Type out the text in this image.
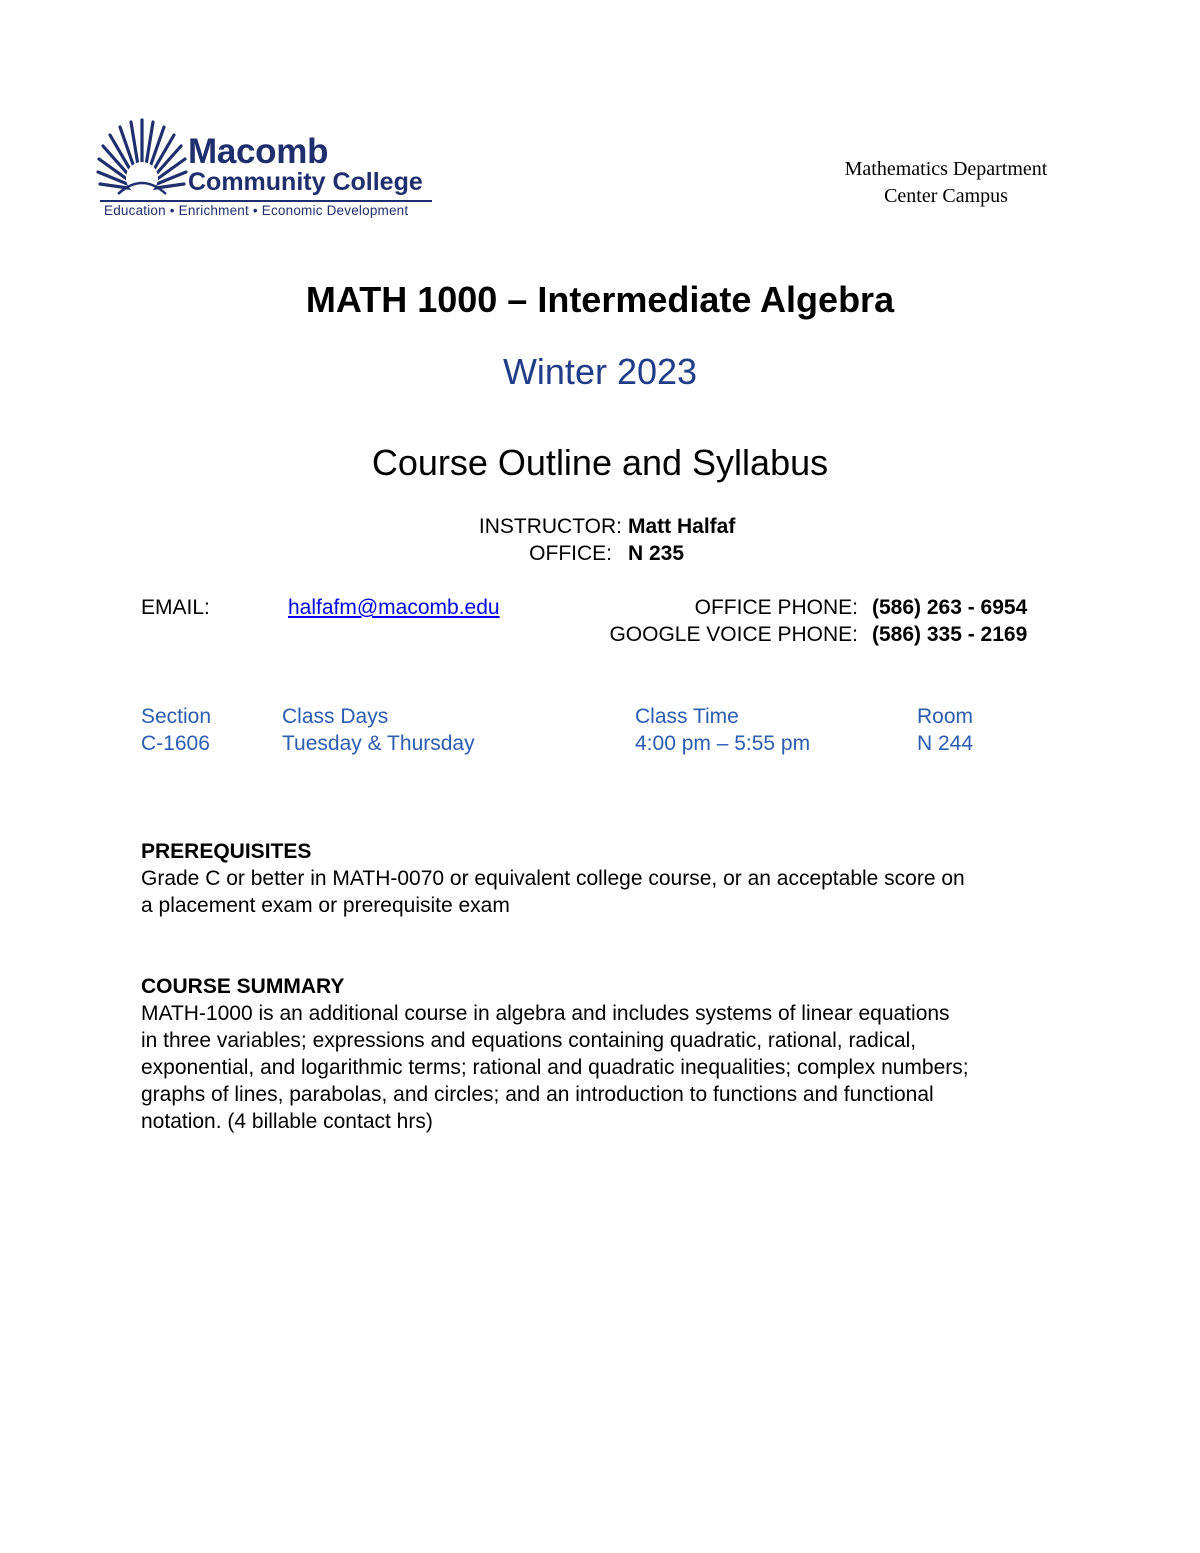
Macomb
Community College
Education • Enrichment • Economic Development
Mathematics Department
Center Campus
MATH 1000 – Intermediate Algebra
Winter 2023
Course Outline and Syllabus
INSTRUCTOR: Matt Halfaf
OFFICE: N 235
EMAIL:	halfafm@macomb.edu	OFFICE PHONE: (586) 263 - 6954
GOOGLE VOICE PHONE: (586) 335 - 2169
Section	Class Days	Class Time	Room
C-1606	Tuesday & Thursday	4:00 pm – 5:55 pm	N 244
PREREQUISITES
Grade C or better in MATH-0070 or equivalent college course, or an acceptable score on
a placement exam or prerequisite exam
COURSE SUMMARY
MATH-1000 is an additional course in algebra and includes systems of linear equations
in three variables; expressions and equations containing quadratic, rational, radical,
exponential, and logarithmic terms; rational and quadratic inequalities; complex numbers;
graphs of lines, parabolas, and circles; and an introduction to functions and functional
notation. (4 billable contact hrs)
